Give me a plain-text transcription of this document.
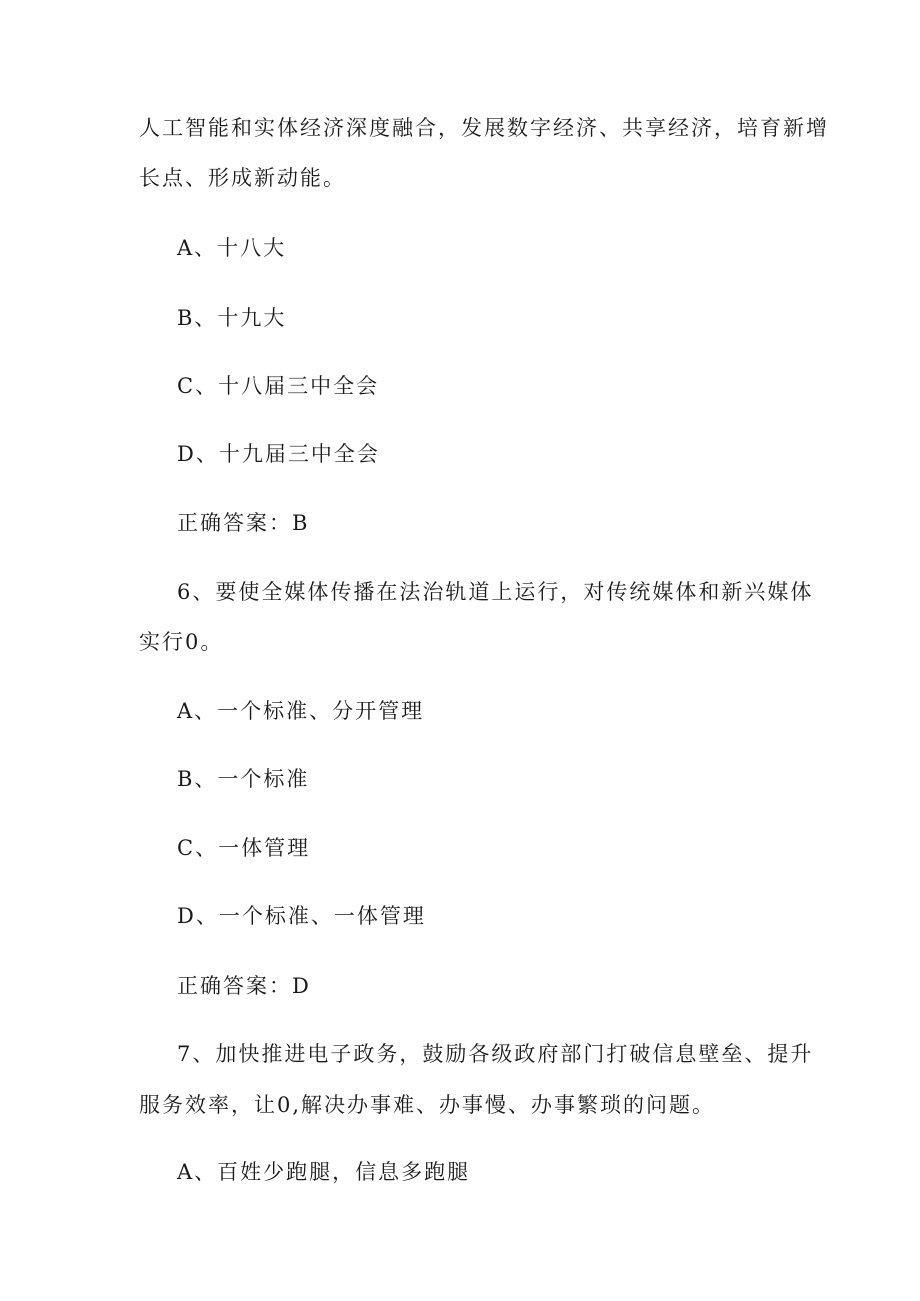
人工智能和实体经济深度融合，发展数字经济、共享经济，培育新增
长点、形成新动能。
A、十八大
B、十九大
C、十八届三中全会
D、十九届三中全会
正确答案：B
6、要使全媒体传播在法治轨道上运行，对传统媒体和新兴媒体
实行0。
A、一个标准、分开管理
B、一个标准
C、一体管理
D、一个标准、一体管理
正确答案：D
7、加快推进电子政务，鼓励各级政府部门打破信息壁垒、提升
服务效率，让0,解决办事难、办事慢、办事繁琐的问题。
A、百姓少跑腿，信息多跑腿
